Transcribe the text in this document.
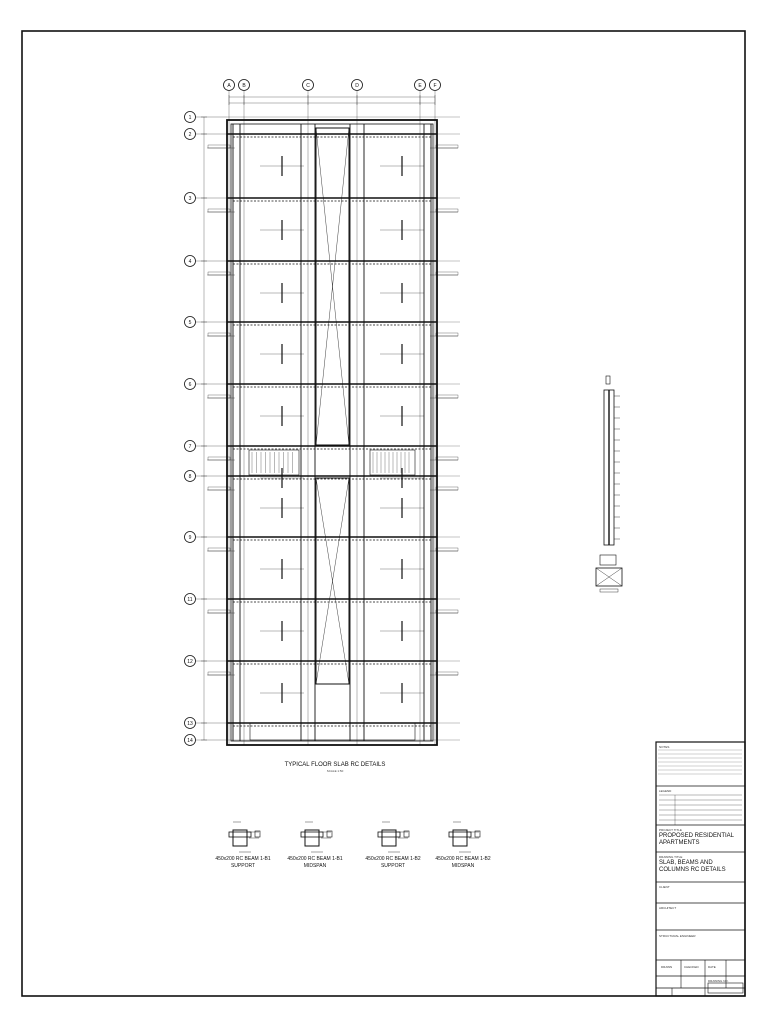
A B	C	D	E F
1
2
3
4
5
6
7
8
9
11
12
13
14
TYPICAL FLOOR SLAB RC DETAILS
SCALE 1:50
450x200 RC BEAM 1-B1
SUPPORT
450x200 RC BEAM 1-B1
MIDSPAN
450x200 RC BEAM 1-B2
SUPPORT
450x200 RC BEAM 1-B2
MIDSPAN
NOTES
LEGEND
PROJECT TITLE
PROPOSED RESIDENTIAL APARTMENTS
DRAWING TITLE
SLAB, BEAMS AND COLUMNS RC DETAILS
CLIENT
ARCHITECT
STRUCTURAL ENGINEER
DRAWN	CHECKED	DATE
DRAWING NO.
